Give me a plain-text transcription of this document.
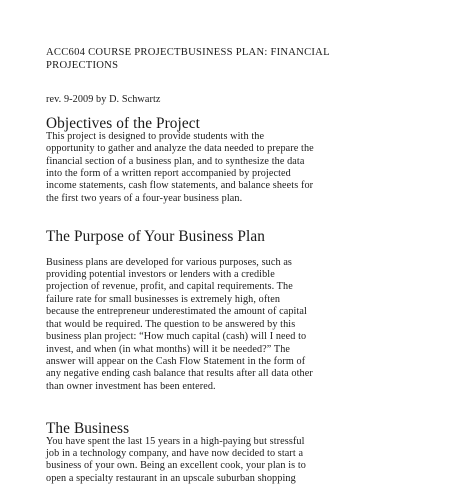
ACC604 COURSE PROJECTBUSINESS PLAN: FINANCIAL
PROJECTIONS
rev. 9-2009 by D. Schwartz
Objectives of the Project

This project is designed to provide students with the
opportunity to gather and analyze the data needed to prepare the
financial section of a business plan, and to synthesize the data
into the form of a written report accompanied by projected
income statements, cash flow statements, and balance sheets for
the first two years of a four-year business plan.

The Purpose of Your Business Plan

Business plans are developed for various purposes, such as
providing potential investors or lenders with a credible
projection of revenue, profit, and capital requirements. The
failure rate for small businesses is extremely high, often
because the entrepreneur underestimated the amount of capital
that would be required. The question to be answered by this
business plan project: “How much capital (cash) will I need to
invest, and when (in what months) will it be needed?” The
answer will appear on the Cash Flow Statement in the form of
any negative ending cash balance that results after all data other
than owner investment has been entered.

The Business

You have spent the last 15 years in a high-paying but stressful
job in a technology company, and have now decided to start a
business of your own. Being an excellent cook, your plan is to
open a specialty restaurant in an upscale suburban shopping
